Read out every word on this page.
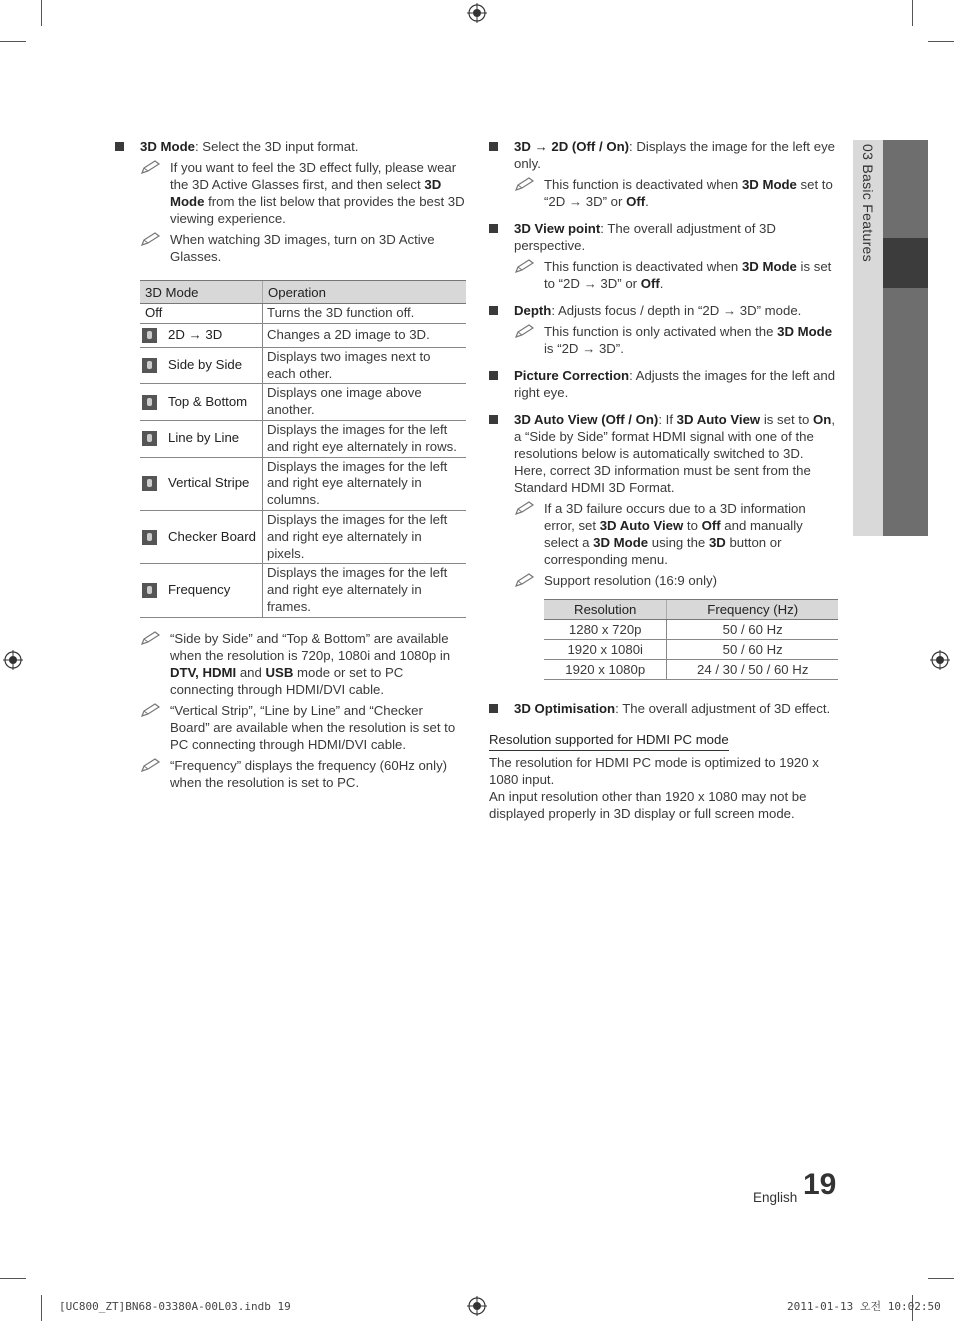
03 Basic Features
3D Mode: Select the 3D input format.
If you want to feel the 3D effect fully, please wear the 3D Active Glasses first, and then select 3D Mode from the list below that provides the best 3D viewing experience.
When watching 3D images, turn on 3D Active Glasses.
3D Mode		Operation
Off		Turns the 3D function off.
	2D → 3D	Changes a 2D image to 3D.
	Side by Side	Displays two images next to each other.
	Top & Bottom	Displays one image above another.
	Line by Line	Displays the images for the left and right eye alternately in rows.
	Vertical Stripe	Displays the images for the left and right eye alternately in columns.
	Checker Board	Displays the images for the left and right eye alternately in pixels.
	Frequency	Displays the images for the left and right eye alternately in frames.
“Side by Side” and “Top & Bottom” are available when the resolution is 720p, 1080i and 1080p in DTV, HDMI and USB mode or set to PC connecting through HDMI/DVI cable.
“Vertical Strip”, “Line by Line” and “Checker Board” are available when the resolution is set to PC connecting through HDMI/DVI cable.
“Frequency” displays the frequency (60Hz only) when the resolution is set to PC.
3D → 2D (Off / On): Displays the image for the left eye only.
This function is deactivated when 3D Mode set to “2D → 3D” or Off.
3D View point: The overall adjustment of 3D perspective.
This function is deactivated when 3D Mode is set to “2D → 3D” or Off.
Depth: Adjusts focus / depth in “2D → 3D” mode.
This function is only activated when the 3D Mode is “2D → 3D”.
Picture Correction: Adjusts the images for the left and right eye.
3D Auto View (Off / On): If 3D Auto View is set to On, a “Side by Side” format HDMI signal with one of the resolutions below is automatically switched to 3D. Here, correct 3D information must be sent from the Standard HDMI 3D Format.
If a 3D failure occurs due to a 3D information error, set 3D Auto View to Off and manually select a 3D Mode using the 3D button or corresponding menu.
Support resolution (16:9 only)
Resolution	Frequency (Hz)
1280 x 720p	50 / 60 Hz
1920 x 1080i	50 / 60 Hz
1920 x 1080p	24 / 30 / 50 / 60 Hz
3D Optimisation: The overall adjustment of 3D effect.
Resolution supported for HDMI PC mode
The resolution for HDMI PC mode is optimized to 1920 x 1080 input.
An input resolution other than 1920 x 1080 may not be displayed properly in 3D display or full screen mode.
English 19
[UC800_ZT]BN68-03380A-00L03.indb 19	2011-01-13 오전 10:02:50
